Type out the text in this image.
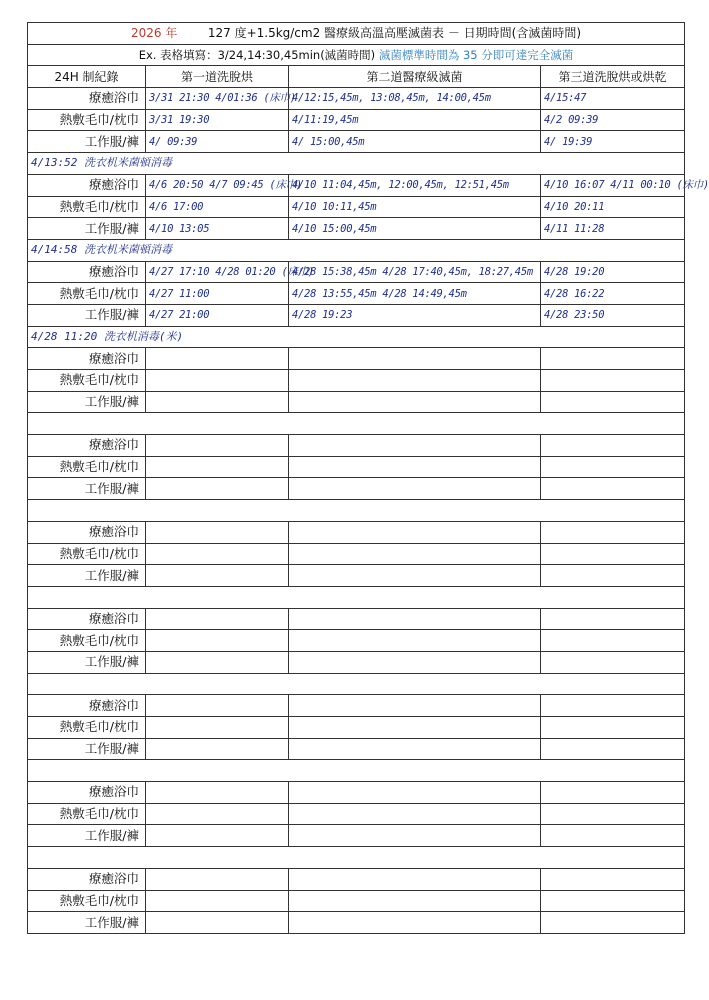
2026 年 127 度+1.5kg/cm2 醫療級高溫高壓滅菌表 － 日期時間(含滅菌時間)			
Ex. 表格填寫：3/24,14:30,45min(滅菌時間) 滅菌標準時間為 35 分即可達完全滅菌			
24H 制紀錄	第一道洗脫烘	第二道醫療級滅菌	第三道洗脫烘或烘乾
療癒浴巾	3/31 21:30 4/01:36 (床巾)	4/12:15,45m, 13:08,45m, 14:00,45m	4/15:47
熱敷毛巾/枕巾	3/31 19:30	4/11:19,45m	4/2 09:39
工作服/褲	4/ 09:39	4/ 15:00,45m	4/ 19:39
4/13:52 洗衣机米菌頓消毒			
療癒浴巾	4/6 20:50 4/7 09:45 (床巾)	4/10 11:04,45m, 12:00,45m, 12:51,45m	4/10 16:07 4/11 00:10 (床巾)
熱敷毛巾/枕巾	4/6 17:00	4/10 10:11,45m	4/10 20:11
工作服/褲	4/10 13:05	4/10 15:00,45m	4/11 11:28
4/14:58 洗衣机米菌頓消毒			
療癒浴巾	4/27 17:10 4/28 01:20 (床巾)	4/28 15:38,45m 4/28 17:40,45m, 18:27,45m	4/28 19:20
熱敷毛巾/枕巾	4/27 11:00	4/28 13:55,45m 4/28 14:49,45m	4/28 16:22
工作服/褲	4/27 21:00	4/28 19:23	4/28 23:50
4/28 11:20 洗衣机消毒(米)			
療癒浴巾			
熱敷毛巾/枕巾			
工作服/褲			

療癒浴巾			
熱敷毛巾/枕巾			
工作服/褲			

療癒浴巾			
熱敷毛巾/枕巾			
工作服/褲			

療癒浴巾			
熱敷毛巾/枕巾			
工作服/褲			

療癒浴巾			
熱敷毛巾/枕巾			
工作服/褲			

療癒浴巾			
熱敷毛巾/枕巾			
工作服/褲			

療癒浴巾			
熱敷毛巾/枕巾			
工作服/褲			
